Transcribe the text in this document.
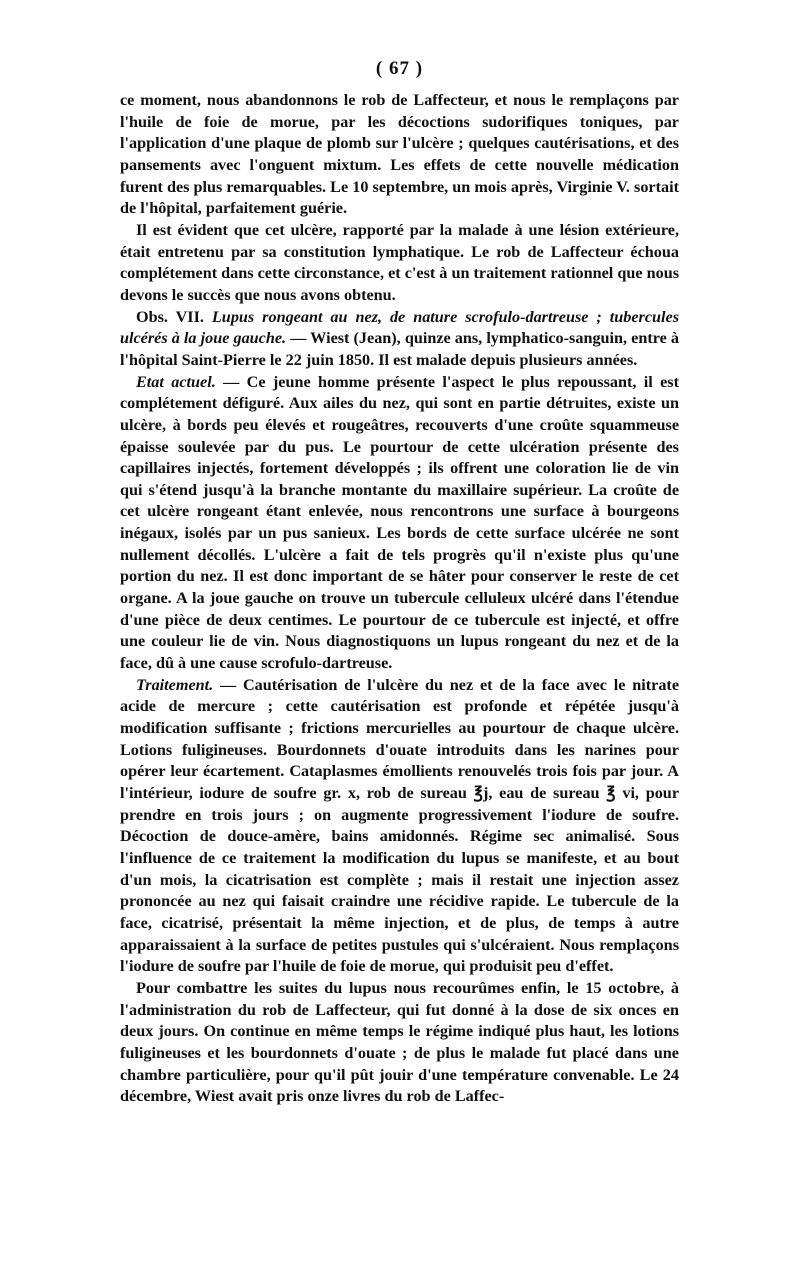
( 67 )

ce moment, nous abandonnons le rob de Laffecteur, et nous le remplaçons par l'huile de foie de morue, par les décoctions sudorifiques toniques, par l'application d'une plaque de plomb sur l'ulcère ; quelques cautérisations, et des pansements avec l'onguent mixtum. Les effets de cette nouvelle médication furent des plus remarquables. Le 10 septembre, un mois après, Virginie V. sortait de l'hôpital, parfaitement guérie.

Il est évident que cet ulcère, rapporté par la malade à une lésion extérieure, était entretenu par sa constitution lymphatique. Le rob de Laffecteur échoua complétement dans cette circonstance, et c'est à un traitement rationnel que nous devons le succès que nous avons obtenu.

Obs. VII. Lupus rongeant au nez, de nature scrofulo-dartreuse ; tubercules ulcérés à la joue gauche. — Wiest (Jean), quinze ans, lymphatico-sanguin, entre à l'hôpital Saint-Pierre le 22 juin 1850. Il est malade depuis plusieurs années.

Etat actuel. — Ce jeune homme présente l'aspect le plus repoussant, il est complétement défiguré. Aux ailes du nez, qui sont en partie détruites, existe un ulcère, à bords peu élevés et rougeâtres, recouverts d'une croûte squammeuse épaisse soulevée par du pus. Le pourtour de cette ulcération présente des capillaires injectés, fortement développés ; ils offrent une coloration lie de vin qui s'étend jusqu'à la branche montante du maxillaire supérieur. La croûte de cet ulcère rongeant étant enlevée, nous rencontrons une surface à bourgeons inégaux, isolés par un pus sanieux. Les bords de cette surface ulcérée ne sont nullement décollés. L'ulcère a fait de tels progrès qu'il n'existe plus qu'une portion du nez. Il est donc important de se hâter pour conserver le reste de cet organe. A la joue gauche on trouve un tubercule celluleux ulcéré dans l'étendue d'une pièce de deux centimes. Le pourtour de ce tubercule est injecté, et offre une couleur lie de vin. Nous diagnostiquons un lupus rongeant du nez et de la face, dû à une cause scrofulo-dartreuse.

Traitement. — Cautérisation de l'ulcère du nez et de la face avec le nitrate acide de mercure ; cette cautérisation est profonde et répétée jusqu'à modification suffisante ; frictions mercurielles au pourtour de chaque ulcère. Lotions fuligineuses. Bourdonnets d'ouate introduits dans les narines pour opérer leur écartement. Cataplasmes émollients renouvelés trois fois par jour. A l'intérieur, iodure de soufre gr. x, rob de sureau ℥j, eau de sureau ℥ vi, pour prendre en trois jours ; on augmente progressivement l'iodure de soufre. Décoction de douce-amère, bains amidonnés. Régime sec animalisé. Sous l'influence de ce traitement la modification du lupus se manifeste, et au bout d'un mois, la cicatrisation est complète ; mais il restait une injection assez prononcée au nez qui faisait craindre une récidive rapide. Le tubercule de la face, cicatrisé, présentait la même injection, et de plus, de temps à autre apparaissaient à la surface de petites pustules qui s'ulcéraient. Nous remplaçons l'iodure de soufre par l'huile de foie de morue, qui produisit peu d'effet.

Pour combattre les suites du lupus nous recourûmes enfin, le 15 octobre, à l'administration du rob de Laffecteur, qui fut donné à la dose de six onces en deux jours. On continue en même temps le régime indiqué plus haut, les lotions fuligineuses et les bourdonnets d'ouate ; de plus le malade fut placé dans une chambre particulière, pour qu'il pût jouir d'une température convenable. Le 24 décembre, Wiest avait pris onze livres du rob de Laffec-
